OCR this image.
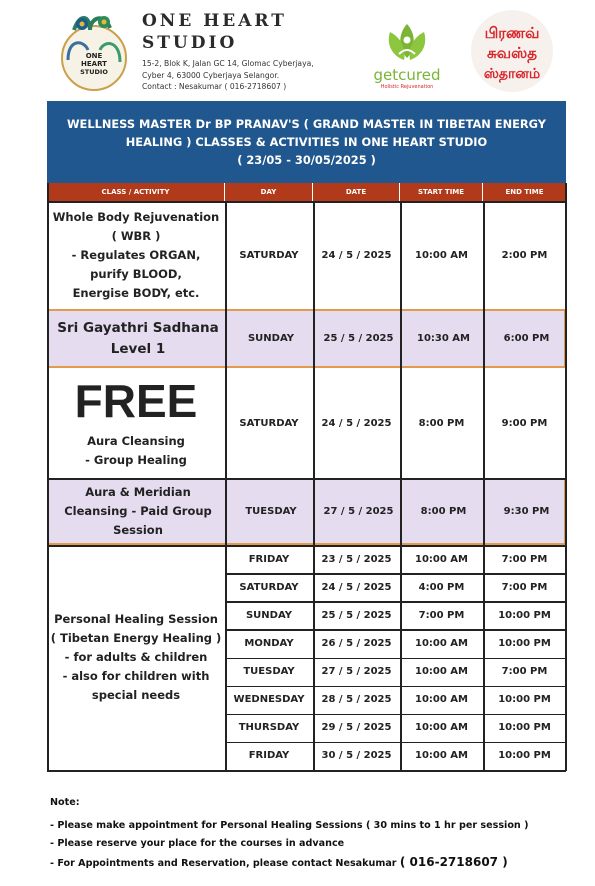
ONE
HEART
STUDIO
ONE HEART
STUDIO
15-2, Blok K, Jalan GC 14, Glomac Cyberjaya,
Cyber 4, 63000 Cyberjaya Selangor.
Contact : Nesakumar ( 016-2718607 )
getcured
Holistic Rejuvenation
பிரணவ்
சுவஸ்த
ஸ்தானம்
WELLNESS MASTER Dr BP PRANAV'S ( GRAND MASTER IN TIBETAN ENERGY
HEALING ) CLASSES & ACTIVITIES IN ONE HEART STUDIO
( 23/05 - 30/05/2025 )
CLASS / ACTIVITY	DAY	DATE	START TIME	END TIME
Whole Body Rejuvenation
( WBR )
- Regulates ORGAN,
purify BLOOD,
Energise BODY, etc.
SATURDAY	24 / 5 / 2025	10:00 AM	2:00 PM
Sri Gayathri Sadhana
Level 1
SUNDAY	25 / 5 / 2025	10:30 AM	6:00 PM
FREE
Aura Cleansing
- Group Healing
SATURDAY	24 / 5 / 2025	8:00 PM	9:00 PM
Aura & Meridian
Cleansing - Paid Group
Session
TUESDAY	27 / 5 / 2025	8:00 PM	9:30 PM
Personal Healing Session
( Tibetan Energy Healing )
- for adults & children
- also for children with
special needs
FRIDAY	23 / 5 / 2025	10:00 AM	7:00 PM
SATURDAY	24 / 5 / 2025	4:00 PM	7:00 PM
SUNDAY	25 / 5 / 2025	7:00 PM	10:00 PM
MONDAY	26 / 5 / 2025	10:00 AM	10:00 PM
TUESDAY	27 / 5 / 2025	10:00 AM	7:00 PM
WEDNESDAY	28 / 5 / 2025	10:00 AM	10:00 PM
THURSDAY	29 / 5 / 2025	10:00 AM	10:00 PM
FRIDAY	30 / 5 / 2025	10:00 AM	10:00 PM
Note:
- Please make appointment for Personal Healing Sessions ( 30 mins to 1 hr per session )
- Please reserve your place for the courses in advance
- For Appointments and Reservation, please contact Nesakumar ( 016-2718607 )
